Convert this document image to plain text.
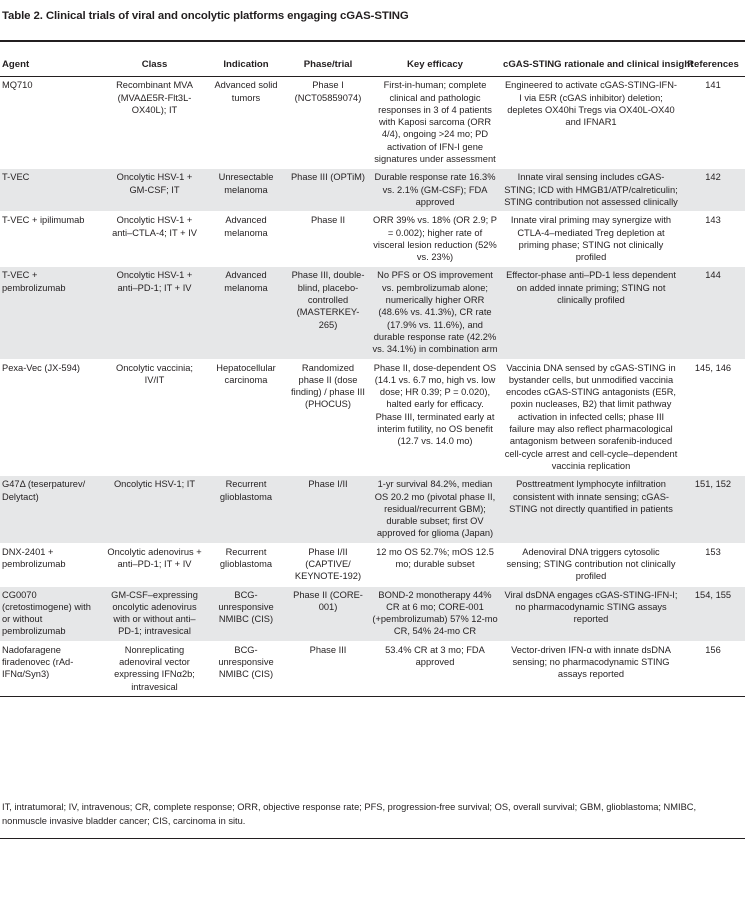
Table 2. Clinical trials of viral and oncolytic platforms engaging cGAS-STING
Agent	Class	Indication	Phase/trial	Key efficacy	cGAS-STING rationale and clinical insight	References
MQ710	Recombinant MVA (MVAΔE5R-Flt3L-OX40L); IT	Advanced solid tumors	Phase I (NCT05859074)	First-in-human; complete clinical and pathologic responses in 3 of 4 patients with Kaposi sarcoma (ORR 4/4), ongoing >24 mo; PD activation of IFN-I gene signatures under assessment	Engineered to activate cGAS-STING-IFN-I via E5R (cGAS inhibitor) deletion; depletes OX40hi Tregs via OX40L-OX40 and IFNAR1	141
T-VEC	Oncolytic HSV-1 + GM-CSF; IT	Unresectable melanoma	Phase III (OPTiM)	Durable response rate 16.3% vs. 2.1% (GM-CSF); FDA approved	Innate viral sensing includes cGAS-STING; ICD with HMGB1/ATP/calreticulin; STING contribution not assessed clinically	142
T-VEC + ipilimumab	Oncolytic HSV-1 + anti–CTLA-4; IT + IV	Advanced melanoma	Phase II	ORR 39% vs. 18% (OR 2.9; P = 0.002); higher rate of visceral lesion reduction (52% vs. 23%)	Innate viral priming may synergize with CTLA-4–mediated Treg depletion at priming phase; STING not clinically profiled	143
T-VEC + pembrolizumab	Oncolytic HSV-1 + anti–PD-1; IT + IV	Advanced melanoma	Phase III, double-blind, placebo-controlled (MASTERKEY-265)	No PFS or OS improvement vs. pembrolizumab alone; numerically higher ORR (48.6% vs. 41.3%), CR rate (17.9% vs. 11.6%), and durable response rate (42.2% vs. 34.1%) in combination arm	Effector-phase anti–PD-1 less dependent on added innate priming; STING not clinically profiled	144
Pexa-Vec (JX-594)	Oncolytic vaccinia; IV/IT	Hepatocellular carcinoma	Randomized phase II (dose finding) / phase III (PHOCUS)	Phase II, dose-dependent OS (14.1 vs. 6.7 mo, high vs. low dose; HR 0.39; P = 0.020), halted early for efficacy. Phase III, terminated early at interim futility, no OS benefit (12.7 vs. 14.0 mo)	Vaccinia DNA sensed by cGAS-STING in bystander cells, but unmodified vaccinia encodes cGAS-STING antagonists (E5R, poxin nucleases, B2) that limit pathway activation in infected cells; phase III failure may also reflect pharmacological antagonism between sorafenib-induced cell-cycle arrest and cell-cycle–dependent vaccinia replication	145, 146
G47Δ (teserpaturev/ Delytact)	Oncolytic HSV-1; IT	Recurrent glioblastoma	Phase I/II	1-yr survival 84.2%, median OS 20.2 mo (pivotal phase II, residual/recurrent GBM); durable subset; first OV approved for glioma (Japan)	Posttreatment lymphocyte infiltration consistent with innate sensing; cGAS-STING not directly quantified in patients	151, 152
DNX-2401 + pembrolizumab	Oncolytic adenovirus + anti–PD-1; IT + IV	Recurrent glioblastoma	Phase I/II (CAPTIVE/ KEYNOTE-192)	12 mo OS 52.7%; mOS 12.5 mo; durable subset	Adenoviral DNA triggers cytosolic sensing; STING contribution not clinically profiled	153
CG0070 (cretostimogene) with or without pembrolizumab	GM-CSF–expressing oncolytic adenovirus with or without anti–PD-1; intravesical	BCG-unresponsive NMIBC (CIS)	Phase II (CORE-001)	BOND-2 monotherapy 44% CR at 6 mo; CORE-001 (+pembrolizumab) 57% 12-mo CR, 54% 24-mo CR	Viral dsDNA engages cGAS-STING-IFN-I; no pharmacodynamic STING assays reported	154, 155
Nadofaragene firadenovec (rAd-IFNα/Syn3)	Nonreplicating adenoviral vector expressing IFNα2b; intravesical	BCG-unresponsive NMIBC (CIS)	Phase III	53.4% CR at 3 mo; FDA approved	Vector-driven IFN-α with innate dsDNA sensing; no pharmacodynamic STING assays reported	156
IT, intratumoral; IV, intravenous; CR, complete response; ORR, objective response rate; PFS, progression-free survival; OS, overall survival; GBM, glioblastoma; NMIBC, nonmuscle invasive bladder cancer; CIS, carcinoma in situ.
